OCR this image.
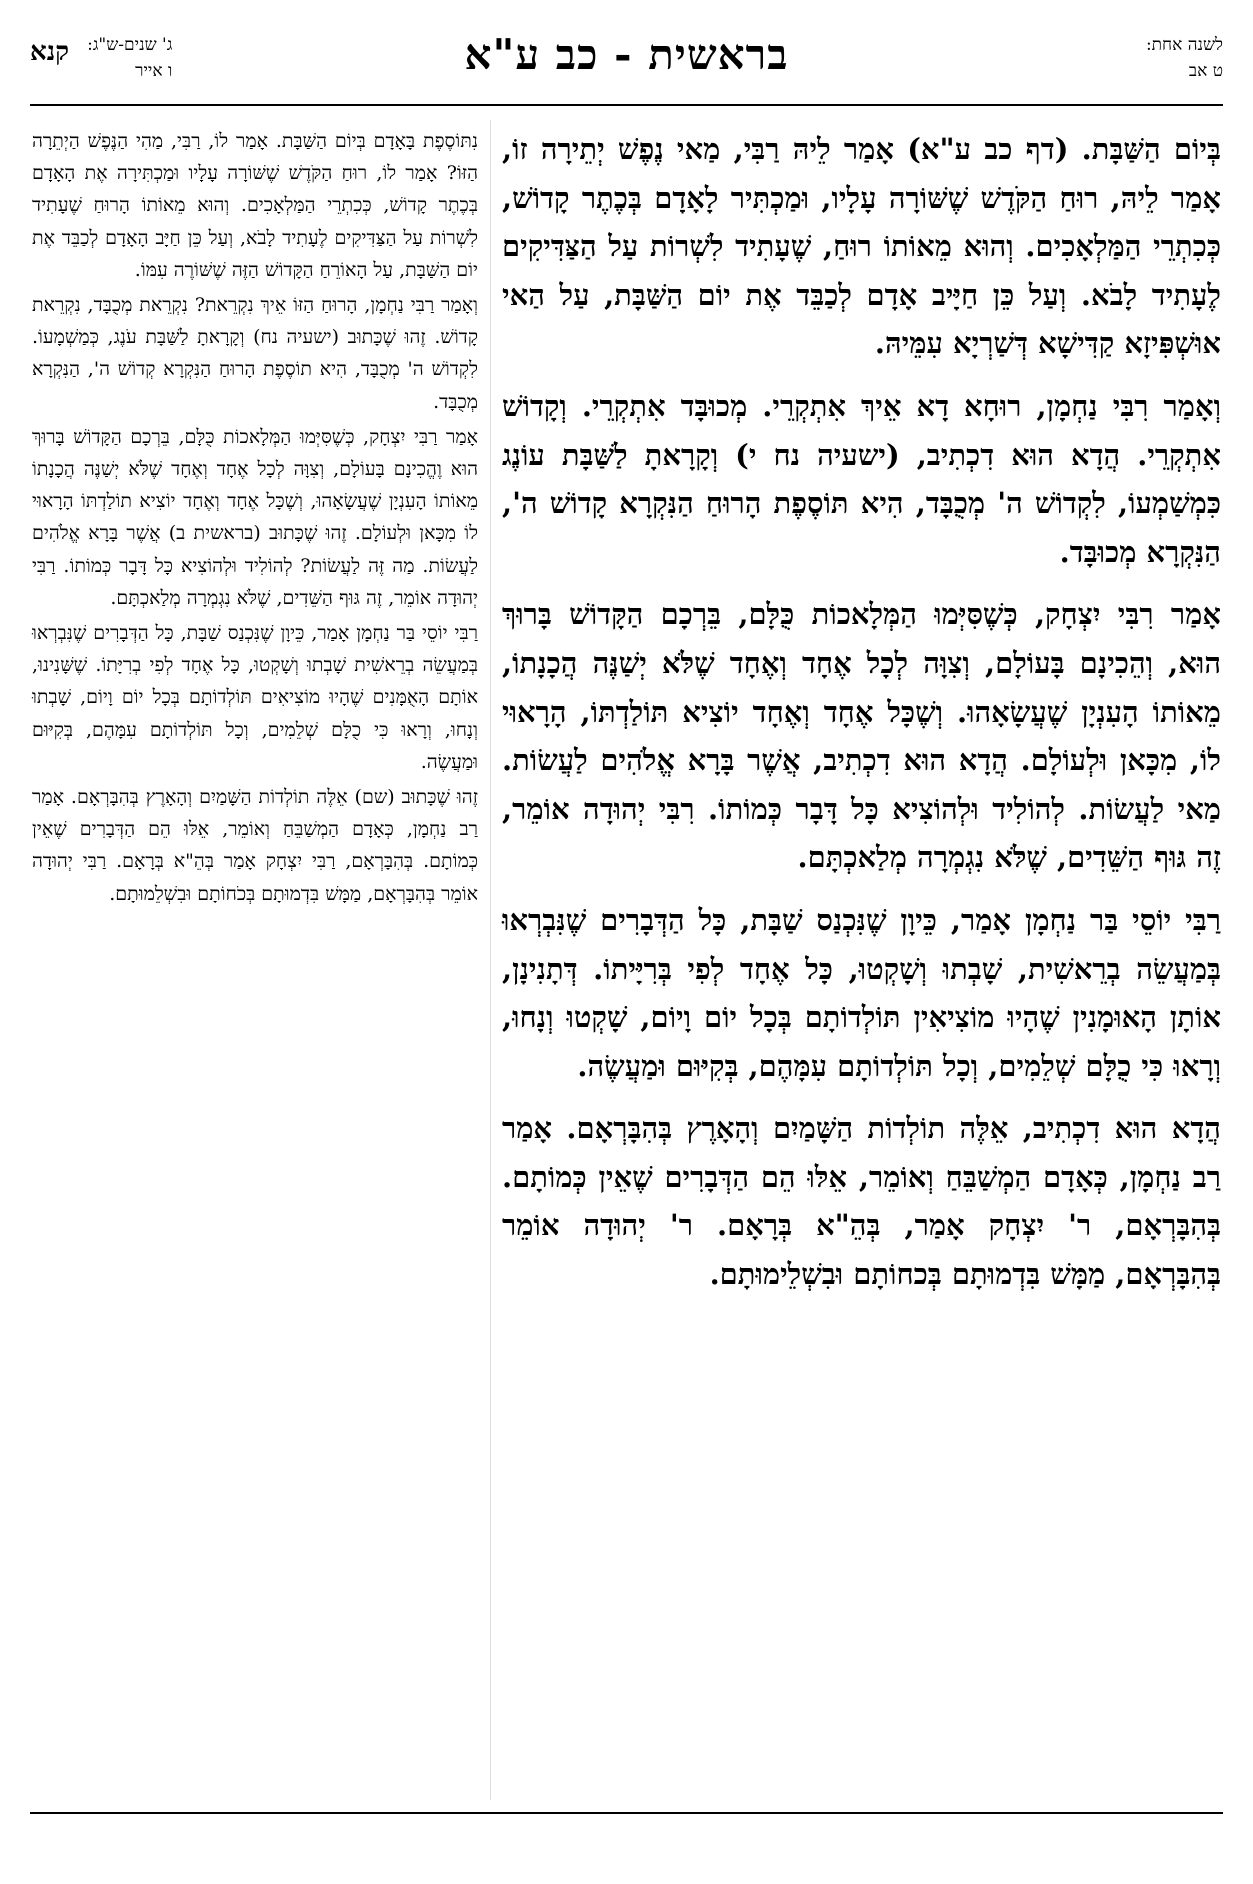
לשנה אחת:
ט אב
בראשית - כב ע"א
ג' שנים-ש"ג:
ו אייר
קנא

בְּיוֹם הַשַּׁבָּת. (דף כב ע"א) אָמַר לֵיהּ רַבִּי, מַאי נֶפֶשׁ יְתֵירָה זוֹ, אָמַר לֵיהּ, רוּחַ הַקֹּדֶשׁ שֶׁשּׁוֹרָה עָלָיו, וּמַכְתִּיר לָאָדָם בְּכֶתֶר קָדוֹשׁ, כְּכִתְרֵי הַמַּלְאָכִים. וְהוּא מֵאוֹתוֹ רוּחַ, שֶׁעָתִיד לִשְׁרוֹת עַל הַצַּדִּיקִים לֶעָתִיד לָבֹא. וְעַל כֵּן חַיָּיב אָדָם לְכַבֵּד אֶת יוֹם הַשַּׁבָּת, עַל הַאי אוּשְׁפִּיזָא קַדִּישָׁא דְּשַׁרְיָא עִמֵּיהּ.

וְאָמַר רִבִּי נַחְמָן, רוּחָא דָא אֵיךְ אִתְקְרֵי. מְכוּבָּד אִתְקְרֵי. וְקָדוֹשׁ אִתְקְרֵי. הֲדָא הוּא דִכְתִיב, (ישעיה נח י) וְקָרָאתָ לַשַּׁבָּת עוֹנֶג כִּמְשַׁמְעוֹ, לִקְדוֹשׁ ה' מְכֻבָּד, הִיא תּוֹסֶפֶת הָרוּחַ הַנִּקְרָא קָדוֹשׁ ה', הַנִּקְרָא מְכוּבָּד.

אָמַר רִבִּי יִצְחָק, כְּשֶׁסִּיְּמוּ הַמְּלָאכוֹת כֻּלָּם, בֵּרְכָם הַקָּדוֹשׁ בָּרוּךְ הוּא, וְהֵכִינָם בָּעוֹלָם, וְצִוָּה לְכָל אֶחָד וְאֶחָד שֶׁלֹּא יְשַׁנֶּה הֲכָנָתוֹ, מֵאוֹתוֹ הָעִנְיָן שֶׁעֲשָׂאָהוּ. וְשֶׁכָּל אֶחָד וְאֶחָד יוֹצִיא תּוֹלַדְתּוֹ, הָרָאוּי לוֹ, מִכָּאן וּלְעוֹלָם. הֲדָא הוּא דִכְתִיב, אֲשֶׁר בָּרָא אֱלֹהִים לַעֲשׂוֹת. מַאי לַעֲשׂוֹת. לְהוֹלִיד וּלְהוֹצִיא כָּל דָּבָר כְּמוֹתוֹ. רִבִּי יְהוּדָה אוֹמֵר, זֶה גּוּף הַשֵּׁדִים, שֶׁלֹּא נִגְמְרָה מְלַאכְתָּם.

רַבִּי יוֹסֵי בַּר נַחְמָן אָמַר, כֵּיוָן שֶׁנִּכְנַס שַׁבָּת, כָּל הַדְּבָרִים שֶׁנִּבְרְאוּ בְּמַעֲשֵׂה בְרֵאשִׁית, שָׁבְתוּ וְשָׁקְטוּ, כָּל אֶחָד לְפִי בְּרִיָּיתוֹ. דְּתָנִינָן, אוֹתָן הָאוּמָנִין שֶׁהָיוּ מוֹצִיאִין תּוֹלְדוֹתָם בְּכָל יוֹם וָיוֹם, שָׁקְטוּ וְנָחוּ, וְרָאוּ כִּי כֻלָּם שְׁלֵמִים, וְכָל תּוֹלְדוֹתָם עִמָּהֶם, בְּקִיּוּם וּמַעֲשֶׂה.

הֲדָא הוּא דִכְתִיב, אֵלֶּה תוֹלְדוֹת הַשָּׁמַיִם וְהָאָרֶץ בְּהִבָּרְאָם. אָמַר רַב נַחְמָן, כְּאָדָם הַמְשַׁבֵּחַ וְאוֹמֵר, אֵלּוּ הֵם הַדְּבָרִים שֶׁאֵין כְּמוֹתָם. בְּהִבָּרְאָם, ר' יִצְחָק אָמַר, בְּהֵ"א בְּרָאָם. ר' יְהוּדָה אוֹמֵר בְּהִבָּרְאָם, מַמָּשׁ בִּדְמוּתָם בְּכחוֹתָם וּבִשְׁלֵימוּתָם.

נִתּוֹסֶפֶת בָּאָדָם בְּיוֹם הַשַּׁבָּת. אָמַר לוֹ, רַבִּי, מַהִי הַנֶּפֶשׁ הַיְתֵרָה הַזּוֹ? אָמַר לוֹ, רוּחַ הַקֹּדֶשׁ שֶׁשּׁוֹרָה עָלָיו וּמַכְתִּירָה אֶת הָאָדָם בְּכֶתֶר קָדוֹשׁ, כְּכִתְרֵי הַמַּלְאָכִים. וְהוּא מֵאוֹתוֹ הָרוּחַ שֶׁעָתִיד לִשְׁרוֹת עַל הַצַּדִּיקִים לֶעָתִיד לָבֹא, וְעַל כֵּן חַיָּב הָאָדָם לְכַבֵּד אֶת יוֹם הַשַּׁבָּת, עַל הָאוֹרֵחַ הַקָּדוֹשׁ הַזֶּה שֶׁשּׁוֹרֶה עִמּוֹ.

וְאָמַר רַבִּי נַחְמָן, הָרוּחַ הַזּוֹ אֵיךְ נִקְרֵאת? נִקְרֵאת מְכֻבָּד, נִקְרֵאת קָדוֹשׁ. זֶהוּ שֶׁכָּתוּב (ישעיה נח) וְקָרָאתָ לַשַּׁבָּת עֹנֶג, כְּמַשְׁמָעוֹ. לִקְדוֹשׁ ה' מְכֻבָּד, הִיא תוֹסֶפֶת הָרוּחַ הַנִּקְרָא קְדוֹשׁ ה', הַנִּקְרָא מְכֻבָּד.

אָמַר רַבִּי יִצְחָק, כְּשֶׁסִּיְּמוּ הַמְּלָאכוֹת כֻּלָּם, בֵּרְכָם הַקָּדוֹשׁ בָּרוּךְ הוּא וֶהֱכִינָם בָּעוֹלָם, וְצִוָּה לְכָל אֶחָד וְאֶחָד שֶׁלֹּא יְשַׁנֶּה הֲכָנָתוֹ מֵאוֹתוֹ הָעִנְיָן שֶׁעֲשָׂאָהוּ, וְשֶׁכָּל אֶחָד וְאֶחָד יוֹצִיא תוֹלַדְתּוֹ הָרָאוּי לוֹ מִכָּאן וּלְעוֹלָם. זֶהוּ שֶׁכָּתוּב (בראשית ב) אֲשֶׁר בָּרָא אֱלֹהִים לַעֲשׂוֹת. מַה זֶּה לַעֲשׂוֹת? לְהוֹלִיד וּלְהוֹצִיא כָּל דָּבָר כְּמוֹתוֹ. רַבִּי יְהוּדָה אוֹמֵר, זֶה גּוּף הַשֵּׁדִים, שֶׁלֹּא נִגְמְרָה מְלַאכְתָּם.

רַבִּי יוֹסֵי בַּר נַחְמָן אָמַר, כֵּיוָן שֶׁנִּכְנַס שַׁבָּת, כָּל הַדְּבָרִים שֶׁנִּבְרְאוּ בְּמַעֲשֵׂה בְרֵאשִׁית שָׁבְתוּ וְשָׁקְטוּ, כָּל אֶחָד לְפִי בְרִיָּתוֹ. שֶׁשָּׁנִינוּ, אוֹתָם הָאֻמָּנִים שֶׁהָיוּ מוֹצִיאִים תּוֹלְדוֹתָם בְּכָל יוֹם וָיוֹם, שָׁבְתוּ וְנָחוּ, וְרָאוּ כִּי כֻלָּם שְׁלֵמִים, וְכָל תּוֹלְדוֹתָם עִמָּהֶם, בְּקִיּוּם וּמַעֲשֶׂה.

זֶהוּ שֶׁכָּתוּב (שם) אֵלֶּה תוֹלְדוֹת הַשָּׁמַיִם וְהָאָרֶץ בְּהִבָּרְאָם. אָמַר רַב נַחְמָן, כְּאָדָם הַמְשַׁבֵּחַ וְאוֹמֵר, אֵלּוּ הֵם הַדְּבָרִים שֶׁאֵין כְּמוֹתָם. בְּהִבָּרְאָם, רַבִּי יִצְחָק אָמַר בְּהֵ"א בְּרָאָם. רַבִּי יְהוּדָה אוֹמֵר בְּהִבָּרְאָם, מַמָּשׁ בִּדְמוּתָם בְּכֹחוֹתָם וּבִשְׁלֵמוּתָם.
